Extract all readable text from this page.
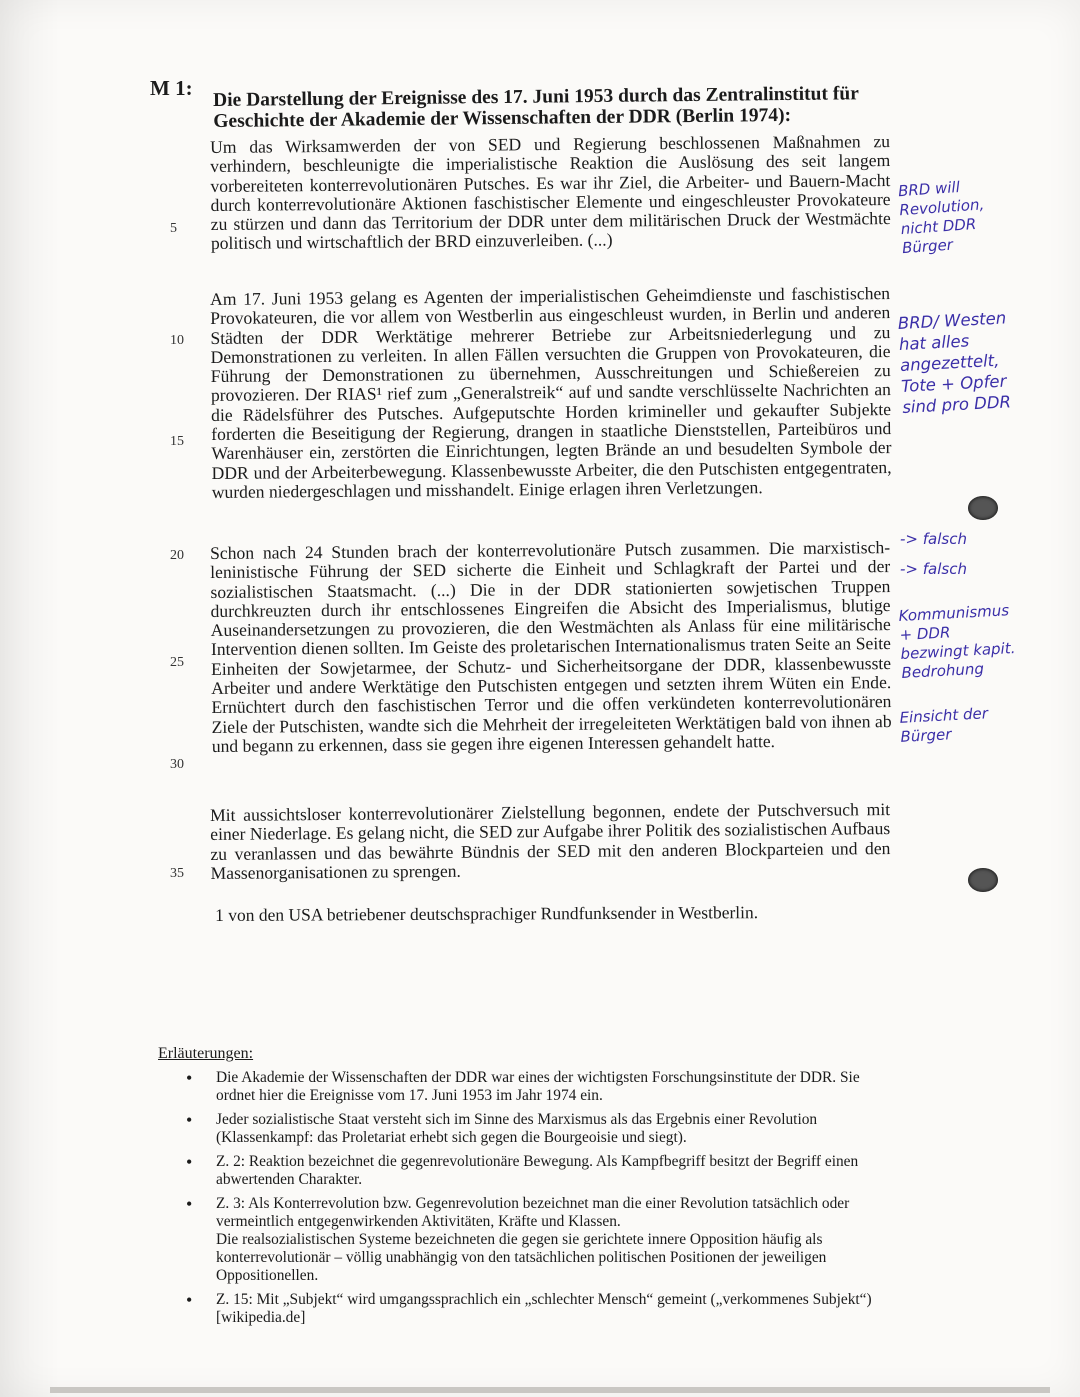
M 1: Die Darstellung der Ereignisse des 17. Juni 1953 durch das Zentralinstitut für Geschichte der Akademie der Wissenschaften der DDR (Berlin 1974):
Um das Wirksamwerden der von SED und Regierung beschlossenen Maßnahmen zu verhindern, beschleunigte die imperialistische Reaktion die Auslösung des seit langem vorbereiteten konterrevolutionären Putsches. Es war ihr Ziel, die Arbeiter- und Bauern-Macht durch konterrevolutionäre Aktionen faschistischer Elemente und eingeschleuster Provokateure zu stürzen und dann das Territorium der DDR unter dem militärischen Druck der Westmächte politisch und wirtschaftlich der BRD einzuverleiben. (...)
Am 17. Juni 1953 gelang es Agenten der imperialistischen Geheimdienste und faschistischen Provokateuren, die vor allem von Westberlin aus eingeschleust wurden, in Berlin und anderen Städten der DDR Werktätige mehrerer Betriebe zur Arbeitsniederlegung und zu Demonstrationen zu verleiten. In allen Fällen versuchten die Gruppen von Provokateuren, die Führung der Demonstrationen zu übernehmen, Ausschreitungen und Schießereien zu provozieren. Der RIAS¹ rief zum „Generalstreik“ auf und sandte verschlüsselte Nachrichten an die Rädelsführer des Putsches. Aufgeputschte Horden krimineller und gekaufter Subjekte forderten die Beseitigung der Regierung, drangen in staatliche Dienststellen, Parteibüros und Warenhäuser ein, zerstörten die Einrichtungen, legten Brände an und besudelten Symbole der DDR und der Arbeiterbewegung. Klassenbewusste Arbeiter, die den Putschisten entgegentraten, wurden niedergeschlagen und misshandelt. Einige erlagen ihren Verletzungen.
Schon nach 24 Stunden brach der konterrevolutionäre Putsch zusammen. Die marxistisch-leninistische Führung der SED sicherte die Einheit und Schlagkraft der Partei und der sozialistischen Staatsmacht. (...) Die in der DDR stationierten sowjetischen Truppen durchkreuzten durch ihr entschlossenes Eingreifen die Absicht des Imperialismus, blutige Auseinandersetzungen zu provozieren, die den Westmächten als Anlass für eine militärische Intervention dienen sollten. Im Geiste des proletarischen Internationalismus traten Seite an Seite Einheiten der Sowjetarmee, der Schutz- und Sicherheitsorgane der DDR, klassenbewusste Arbeiter und andere Werktätige den Putschisten entgegen und setzten ihrem Wüten ein Ende. Ernüchtert durch den faschistischen Terror und die offen verkündeten konterrevolutionären Ziele der Putschisten, wandte sich die Mehrheit der irregeleiteten Werktätigen bald von ihnen ab und begann zu erkennen, dass sie gegen ihre eigenen Interessen gehandelt hatte.
Mit aussichtsloser konterrevolutionärer Zielstellung begonnen, endete der Putschversuch mit einer Niederlage. Es gelang nicht, die SED zur Aufgabe ihrer Politik des sozialistischen Aufbaus zu veranlassen und das bewährte Bündnis der SED mit den anderen Blockparteien und den Massenorganisationen zu sprengen.
1 von den USA betriebener deutschsprachiger Rundfunksender in Westberlin.
5
10
15
20
25
30
35
BRD will Revolution, nicht DDR Bürger
BRD/ Westen hat alles angezettelt, Tote + Opfer sind pro DDR
-> falsch
-> falsch
Kommunismus + DDR bezwingt kapit. Bedrohung
Einsicht der Bürger
Erläuterungen:
• Die Akademie der Wissenschaften der DDR war eines der wichtigsten Forschungsinstitute der DDR. Sie ordnet hier die Ereignisse vom 17. Juni 1953 im Jahr 1974 ein.
• Jeder sozialistische Staat versteht sich im Sinne des Marxismus als das Ergebnis einer Revolution (Klassenkampf: das Proletariat erhebt sich gegen die Bourgeoisie und siegt).
• Z. 2: Reaktion bezeichnet die gegenrevolutionäre Bewegung. Als Kampfbegriff besitzt der Begriff einen abwertenden Charakter.
• Z. 3: Als Konterrevolution bzw. Gegenrevolution bezeichnet man die einer Revolution tatsächlich oder vermeintlich entgegenwirkenden Aktivitäten, Kräfte und Klassen.
Die realsozialistischen Systeme bezeichneten die gegen sie gerichtete innere Opposition häufig als konterrevolutionär – völlig unabhängig von den tatsächlichen politischen Positionen der jeweiligen Oppositionellen.
• Z. 15: Mit „Subjekt“ wird umgangssprachlich ein „schlechter Mensch“ gemeint („verkommenes Subjekt“) [wikipedia.de]
